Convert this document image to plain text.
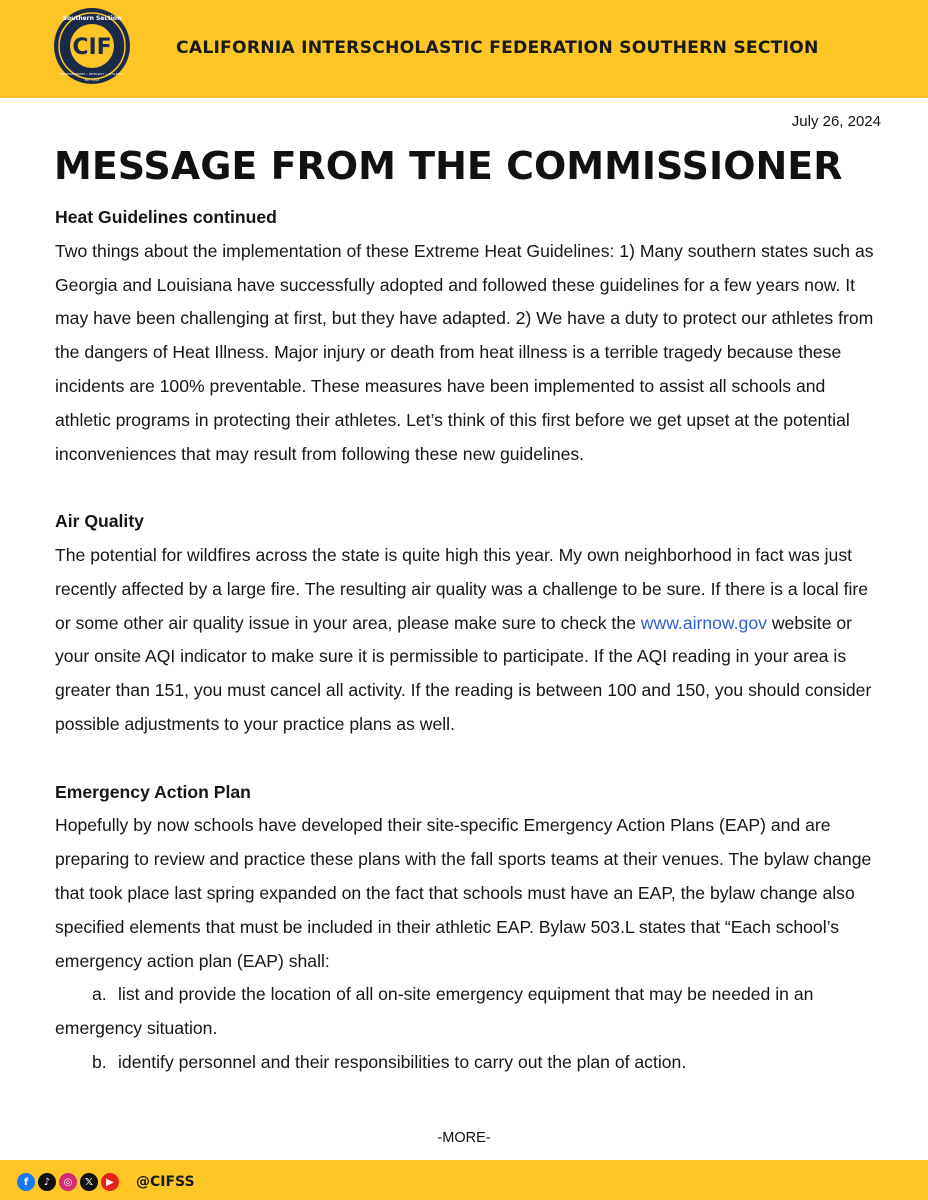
CIF
Southern Section
SPORTSMANSHIP • INTEGRITY • ATHLETICS
EST. 1913
CALIFORNIA INTERSCHOLASTIC FEDERATION SOUTHERN SECTION
July 26, 2024
MESSAGE FROM THE COMMISSIONER
Heat Guidelines continued

Two things about the implementation of these Extreme Heat Guidelines: 1) Many southern states such as Georgia and Louisiana have successfully adopted and followed these guidelines for a few years now. It may have been challenging at first, but they have adapted. 2) We have a duty to protect our athletes from the dangers of Heat Illness. Major injury or death from heat illness is a terrible tragedy because these incidents are 100% preventable. These measures have been implemented to assist all schools and athletic programs in protecting their athletes. Let’s think of this first before we get upset at the potential inconveniences that may result from following these new guidelines.

Air Quality

The potential for wildfires across the state is quite high this year. My own neighborhood in fact was just recently affected by a large fire. The resulting air quality was a challenge to be sure. If there is a local fire or some other air quality issue in your area, please make sure to check the www.airnow.gov website or your onsite AQI indicator to make sure it is permissible to participate. If the AQI reading in your area is greater than 151, you must cancel all activity. If the reading is between 100 and 150, you should consider possible adjustments to your practice plans as well.

Emergency Action Plan

Hopefully by now schools have developed their site-specific Emergency Action Plans (EAP) and are preparing to review and practice these plans with the fall sports teams at their venues. The bylaw change that took place last spring expanded on the fact that schools must have an EAP, the bylaw change also specified elements that must be included in their athletic EAP. Bylaw 503.L states that “Each school’s emergency action plan (EAP) shall:

a. list and provide the location of all on-site emergency equipment that may be needed in an emergency situation.
b. identify personnel and their responsibilities to carry out the plan of action.
-MORE-
f	♪	◎	𝕏	▶	@CIFSS
